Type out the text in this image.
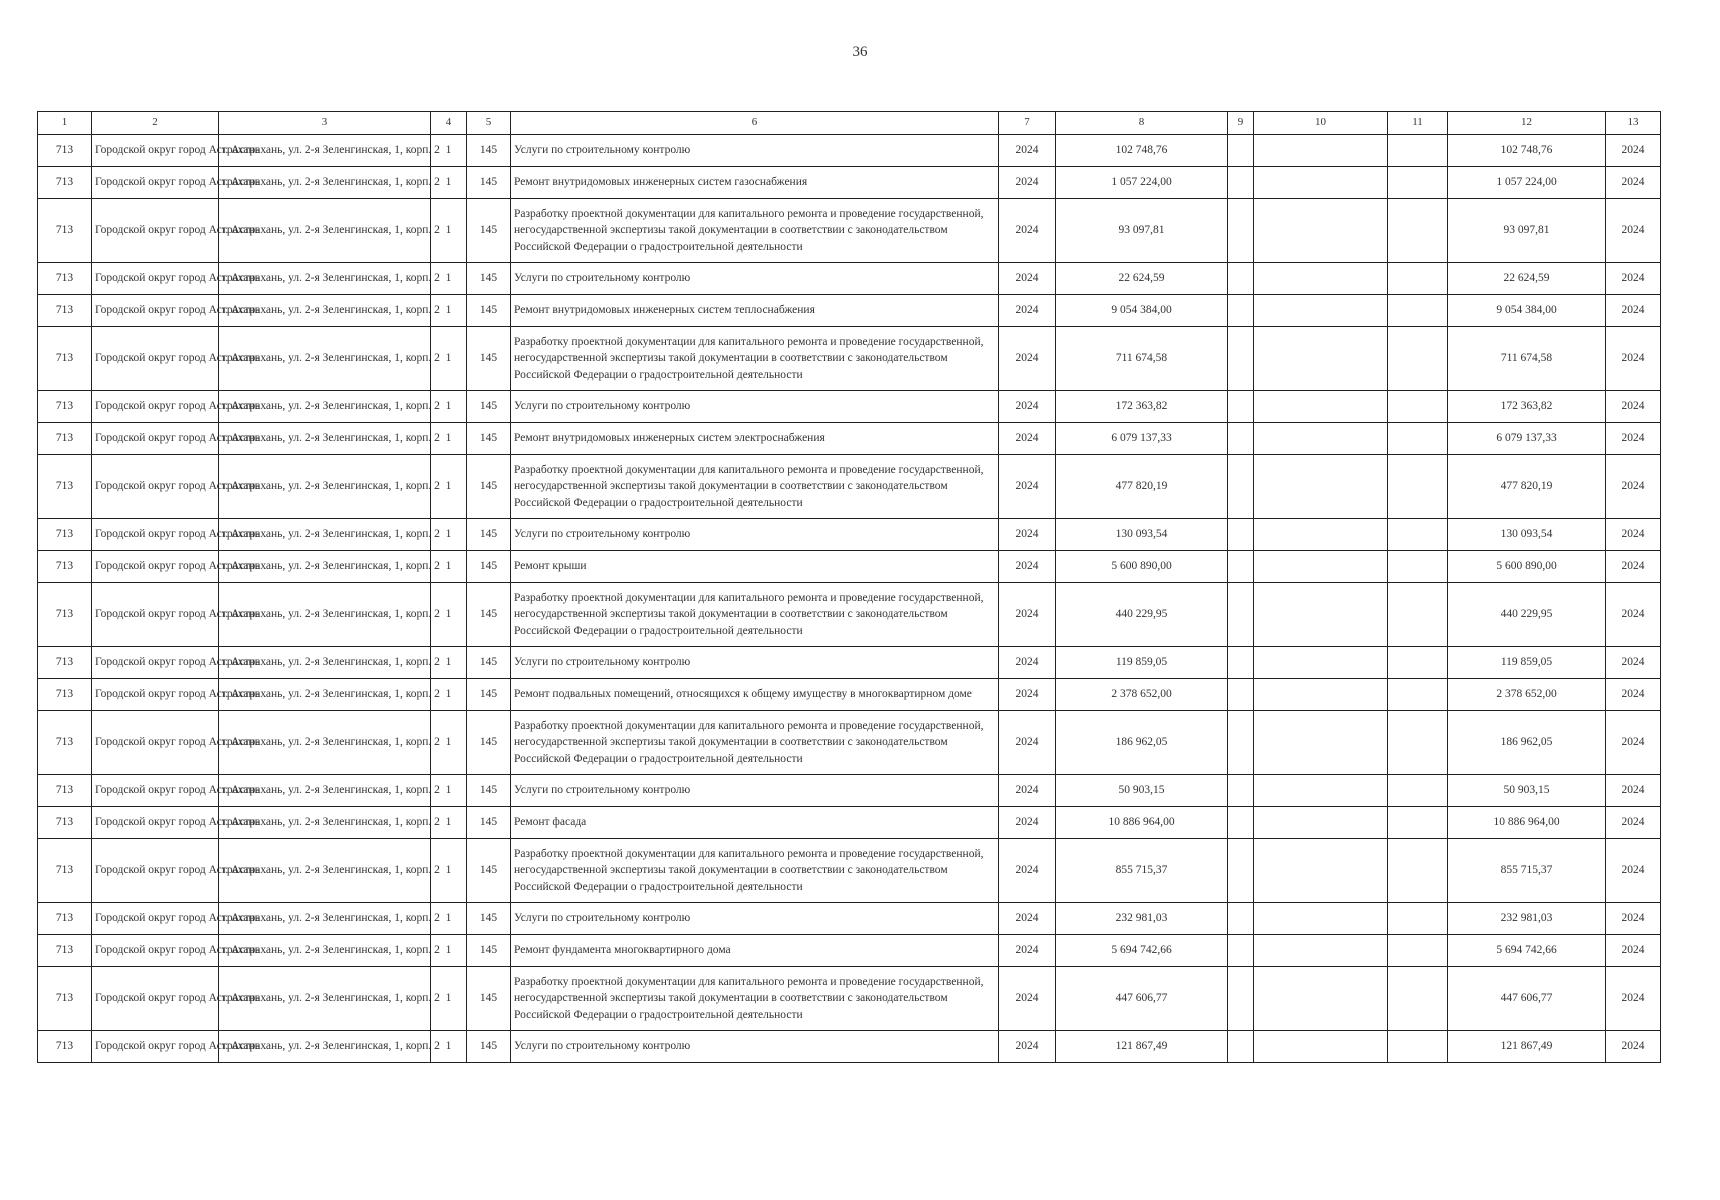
36
1	2	3	4	5	6	7	8	9	10	11	12	13
713	Городской округ город Астрахань	г. Астрахань, ул. 2-я Зеленгинская, 1, корп. 2	1	145	Услуги по строительному контролю	2024	102 748,76				102 748,76	2024
713	Городской округ город Астрахань	г. Астрахань, ул. 2-я Зеленгинская, 1, корп. 2	1	145	Ремонт внутридомовых инженерных систем газоснабжения	2024	1 057 224,00				1 057 224,00	2024
713	Городской округ город Астрахань	г. Астрахань, ул. 2-я Зеленгинская, 1, корп. 2	1	145	Разработку проектной документации для капитального ремонта и проведение государственной, негосударственной экспертизы такой документации в соответствии с законодательством Российской Федерации о градостроительной деятельности	2024	93 097,81				93 097,81	2024
713	Городской округ город Астрахань	г. Астрахань, ул. 2-я Зеленгинская, 1, корп. 2	1	145	Услуги по строительному контролю	2024	22 624,59				22 624,59	2024
713	Городской округ город Астрахань	г. Астрахань, ул. 2-я Зеленгинская, 1, корп. 2	1	145	Ремонт внутридомовых инженерных систем теплоснабжения	2024	9 054 384,00				9 054 384,00	2024
713	Городской округ город Астрахань	г. Астрахань, ул. 2-я Зеленгинская, 1, корп. 2	1	145	Разработку проектной документации для капитального ремонта и проведение государственной, негосударственной экспертизы такой документации в соответствии с законодательством Российской Федерации о градостроительной деятельности	2024	711 674,58				711 674,58	2024
713	Городской округ город Астрахань	г. Астрахань, ул. 2-я Зеленгинская, 1, корп. 2	1	145	Услуги по строительному контролю	2024	172 363,82				172 363,82	2024
713	Городской округ город Астрахань	г. Астрахань, ул. 2-я Зеленгинская, 1, корп. 2	1	145	Ремонт внутридомовых инженерных систем электроснабжения	2024	6 079 137,33				6 079 137,33	2024
713	Городской округ город Астрахань	г. Астрахань, ул. 2-я Зеленгинская, 1, корп. 2	1	145	Разработку проектной документации для капитального ремонта и проведение государственной, негосударственной экспертизы такой документации в соответствии с законодательством Российской Федерации о градостроительной деятельности	2024	477 820,19				477 820,19	2024
713	Городской округ город Астрахань	г. Астрахань, ул. 2-я Зеленгинская, 1, корп. 2	1	145	Услуги по строительному контролю	2024	130 093,54				130 093,54	2024
713	Городской округ город Астрахань	г. Астрахань, ул. 2-я Зеленгинская, 1, корп. 2	1	145	Ремонт крыши	2024	5 600 890,00				5 600 890,00	2024
713	Городской округ город Астрахань	г. Астрахань, ул. 2-я Зеленгинская, 1, корп. 2	1	145	Разработку проектной документации для капитального ремонта и проведение государственной, негосударственной экспертизы такой документации в соответствии с законодательством Российской Федерации о градостроительной деятельности	2024	440 229,95				440 229,95	2024
713	Городской округ город Астрахань	г. Астрахань, ул. 2-я Зеленгинская, 1, корп. 2	1	145	Услуги по строительному контролю	2024	119 859,05				119 859,05	2024
713	Городской округ город Астрахань	г. Астрахань, ул. 2-я Зеленгинская, 1, корп. 2	1	145	Ремонт подвальных помещений, относящихся к общему имуществу в многоквартирном доме	2024	2 378 652,00				2 378 652,00	2024
713	Городской округ город Астрахань	г. Астрахань, ул. 2-я Зеленгинская, 1, корп. 2	1	145	Разработку проектной документации для капитального ремонта и проведение государственной, негосударственной экспертизы такой документации в соответствии с законодательством Российской Федерации о градостроительной деятельности	2024	186 962,05				186 962,05	2024
713	Городской округ город Астрахань	г. Астрахань, ул. 2-я Зеленгинская, 1, корп. 2	1	145	Услуги по строительному контролю	2024	50 903,15				50 903,15	2024
713	Городской округ город Астрахань	г. Астрахань, ул. 2-я Зеленгинская, 1, корп. 2	1	145	Ремонт фасада	2024	10 886 964,00				10 886 964,00	2024
713	Городской округ город Астрахань	г. Астрахань, ул. 2-я Зеленгинская, 1, корп. 2	1	145	Разработку проектной документации для капитального ремонта и проведение государственной, негосударственной экспертизы такой документации в соответствии с законодательством Российской Федерации о градостроительной деятельности	2024	855 715,37				855 715,37	2024
713	Городской округ город Астрахань	г. Астрахань, ул. 2-я Зеленгинская, 1, корп. 2	1	145	Услуги по строительному контролю	2024	232 981,03				232 981,03	2024
713	Городской округ город Астрахань	г. Астрахань, ул. 2-я Зеленгинская, 1, корп. 2	1	145	Ремонт фундамента многоквартирного дома	2024	5 694 742,66				5 694 742,66	2024
713	Городской округ город Астрахань	г. Астрахань, ул. 2-я Зеленгинская, 1, корп. 2	1	145	Разработку проектной документации для капитального ремонта и проведение государственной, негосударственной экспертизы такой документации в соответствии с законодательством Российской Федерации о градостроительной деятельности	2024	447 606,77				447 606,77	2024
713	Городской округ город Астрахань	г. Астрахань, ул. 2-я Зеленгинская, 1, корп. 2	1	145	Услуги по строительному контролю	2024	121 867,49				121 867,49	2024
